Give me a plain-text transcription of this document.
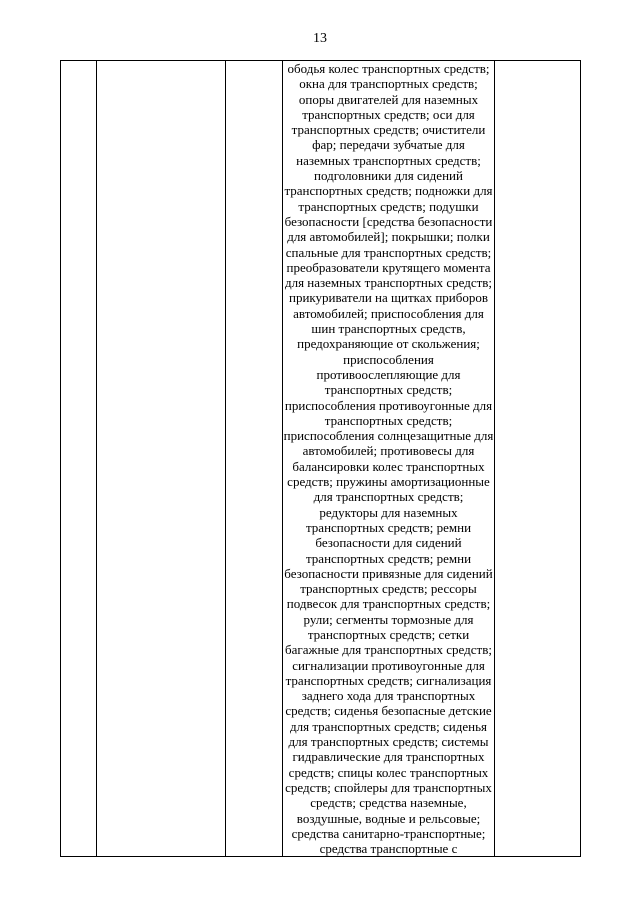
13

ободья колес транспортных средств;
окна для транспортных средств;
опоры двигателей для наземных
транспортных средств; оси для
транспортных средств; очистители
фар; передачи зубчатые для
наземных транспортных средств;
подголовники для сидений
транспортных средств; подножки для
транспортных средств; подушки
безопасности [средства безопасности
для автомобилей]; покрышки; полки
спальные для транспортных средств;
преобразователи крутящего момента
для наземных транспортных средств;
прикуриватели на щитках приборов
автомобилей; приспособления для
шин транспортных средств,
предохраняющие от скольжения;
приспособления
противоослепляющие для
транспортных средств;
приспособления противоугонные для
транспортных средств;
приспособления солнцезащитные для
автомобилей; противовесы для
балансировки колес транспортных
средств; пружины амортизационные
для транспортных средств;
редукторы для наземных
транспортных средств; ремни
безопасности для сидений
транспортных средств; ремни
безопасности привязные для сидений
транспортных средств; рессоры
подвесок для транспортных средств;
рули; сегменты тормозные для
транспортных средств; сетки
багажные для транспортных средств;
сигнализации противоугонные для
транспортных средств; сигнализация
заднего хода для транспортных
средств; сиденья безопасные детские
для транспортных средств; сиденья
для транспортных средств; системы
гидравлические для транспортных
средств; спицы колес транспортных
средств; спойлеры для транспортных
средств; средства наземные,
воздушные, водные и рельсовые;
средства санитарно-транспортные;
средства транспортные с
